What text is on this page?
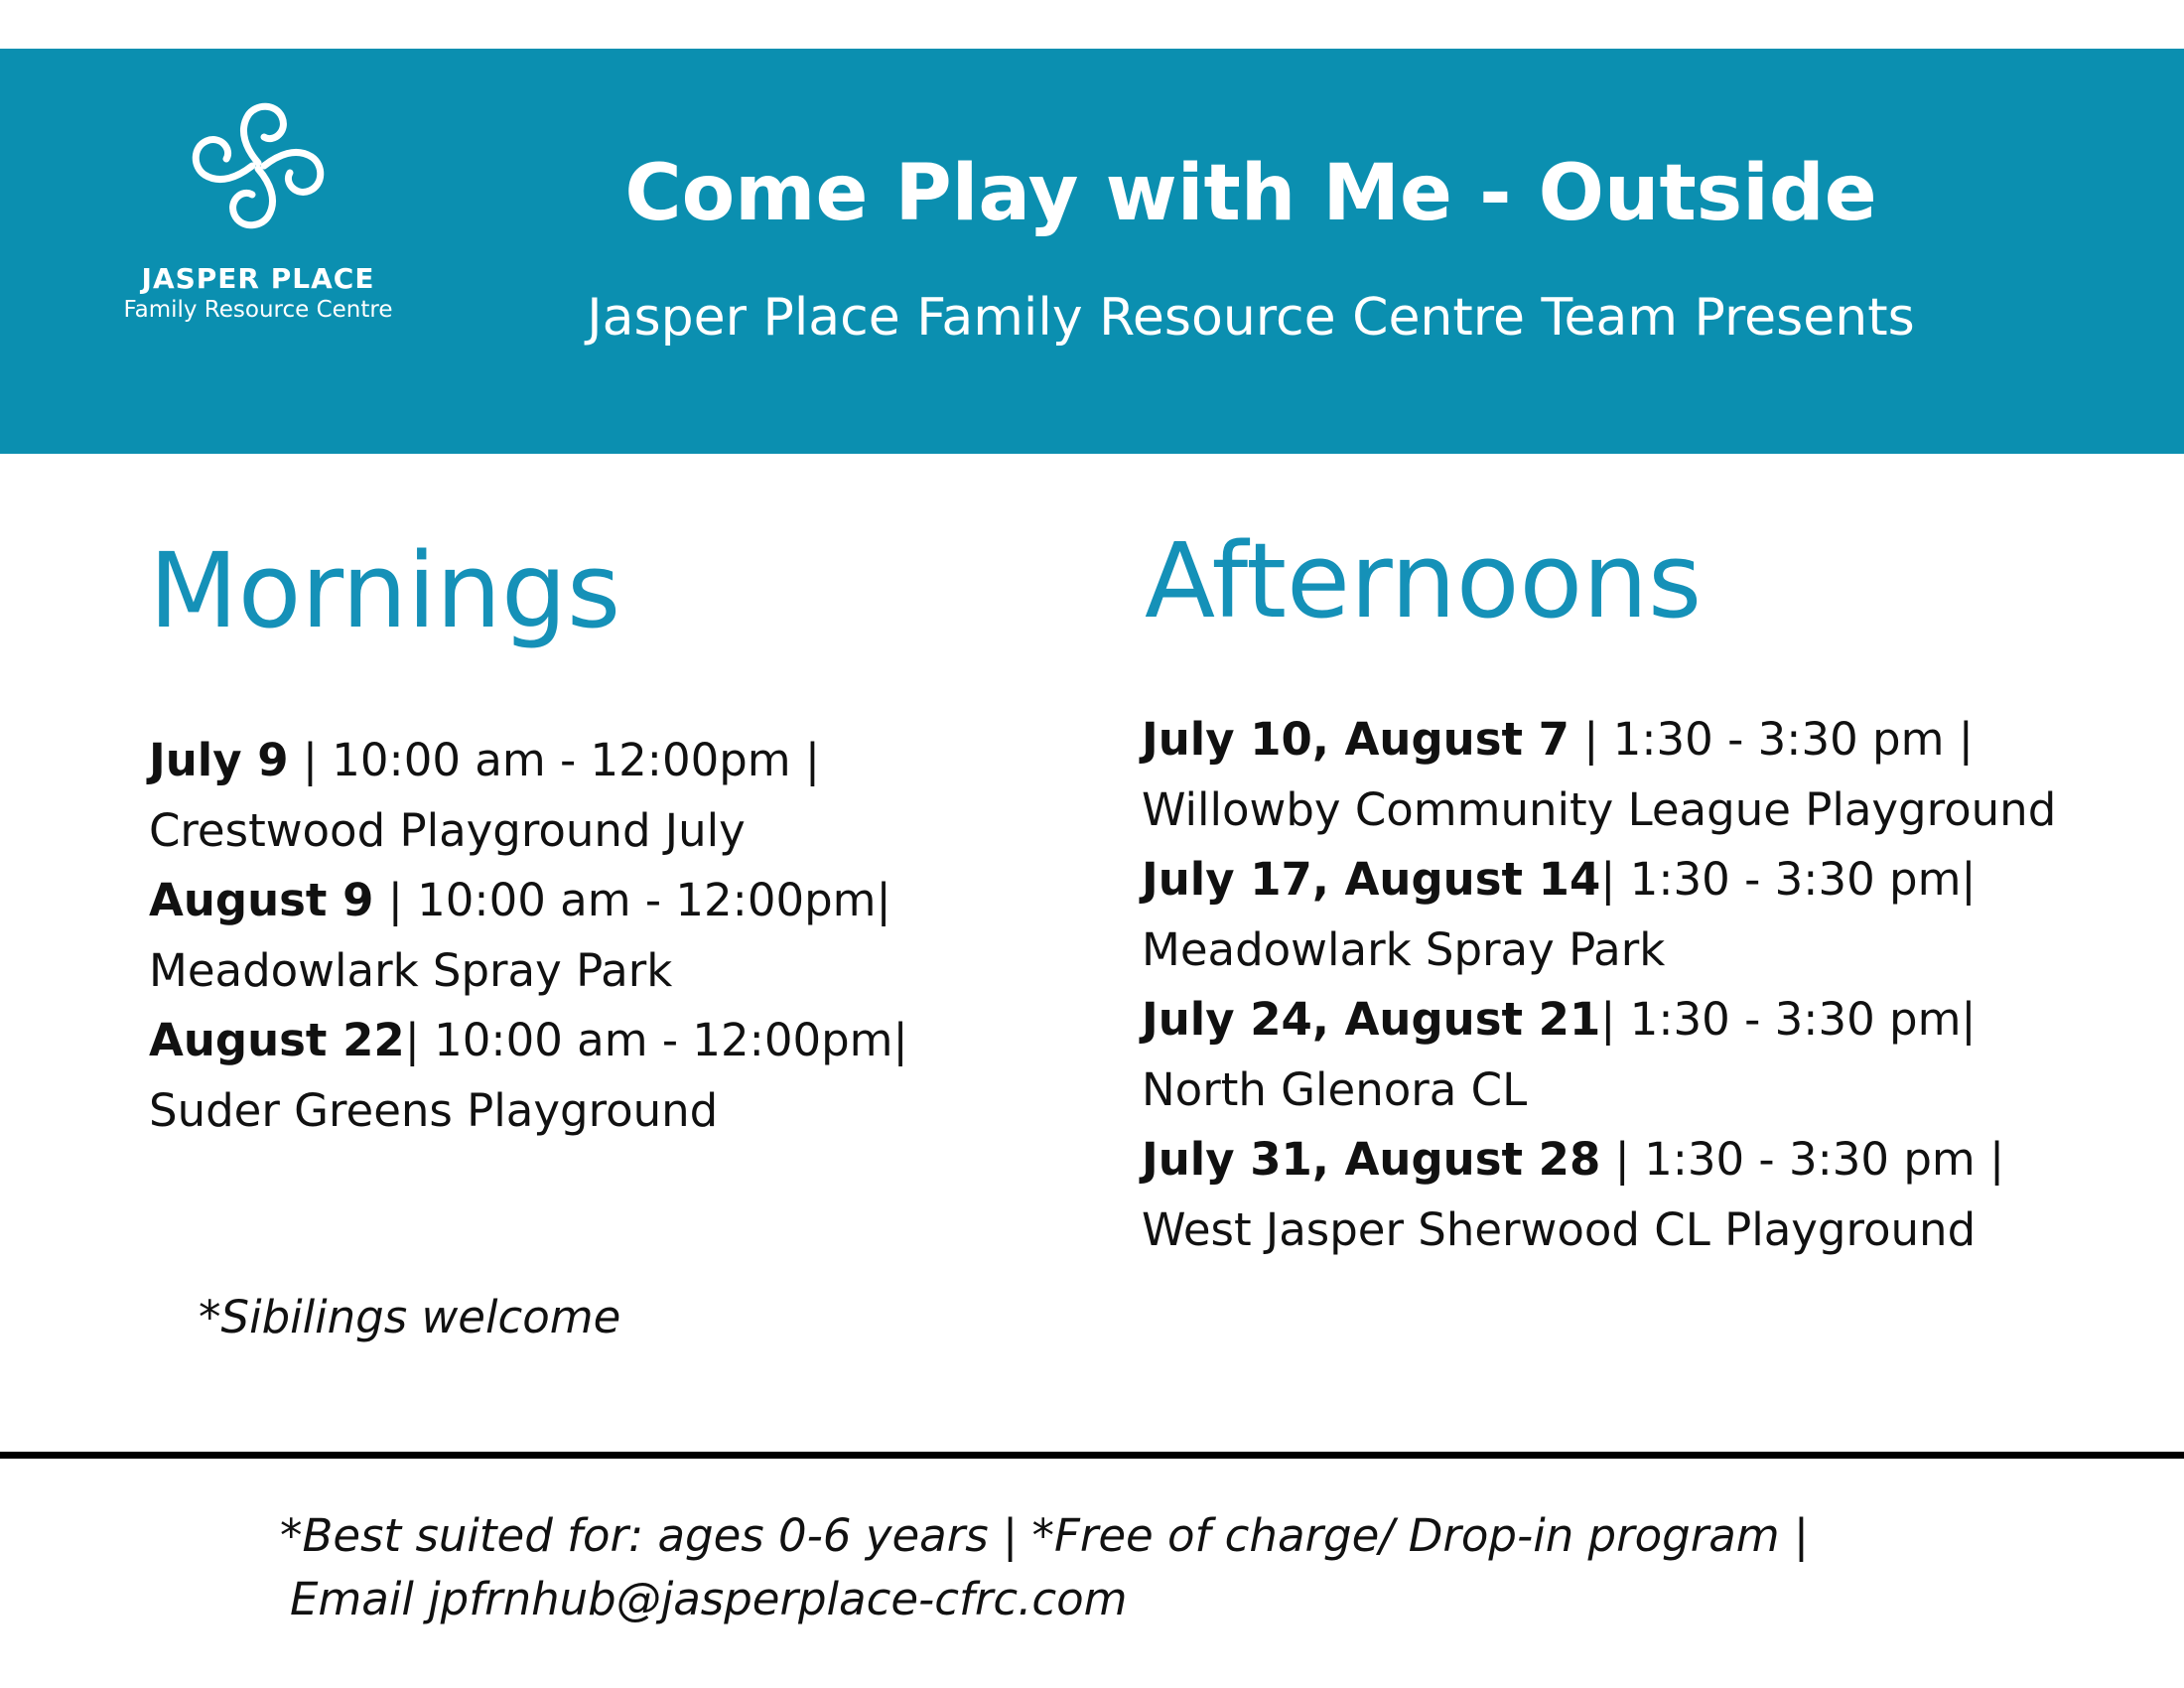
JASPER PLACE
Family Resource Centre
Come Play with Me - Outside
Jasper Place Family Resource Centre Team Presents
Mornings	Afternoons
July 9 | 10:00 am - 12:00pm |
Crestwood Playground July
August 9 | 10:00 am - 12:00pm|
Meadowlark Spray Park
August 22| 10:00 am - 12:00pm|
Suder Greens Playground
July 10, August 7 | 1:30 - 3:30 pm |
Willowby Community League Playground
July 17, August 14| 1:30 - 3:30 pm|
Meadowlark Spray Park
July 24, August 21| 1:30 - 3:30 pm|
North Glenora CL
July 31, August 28 | 1:30 - 3:30 pm |
West Jasper Sherwood CL Playground
*Sibilings welcome
*Best suited for: ages 0-6 years | *Free of charge/ Drop-in program |
Email jpfrnhub@jasperplace-cfrc.com
